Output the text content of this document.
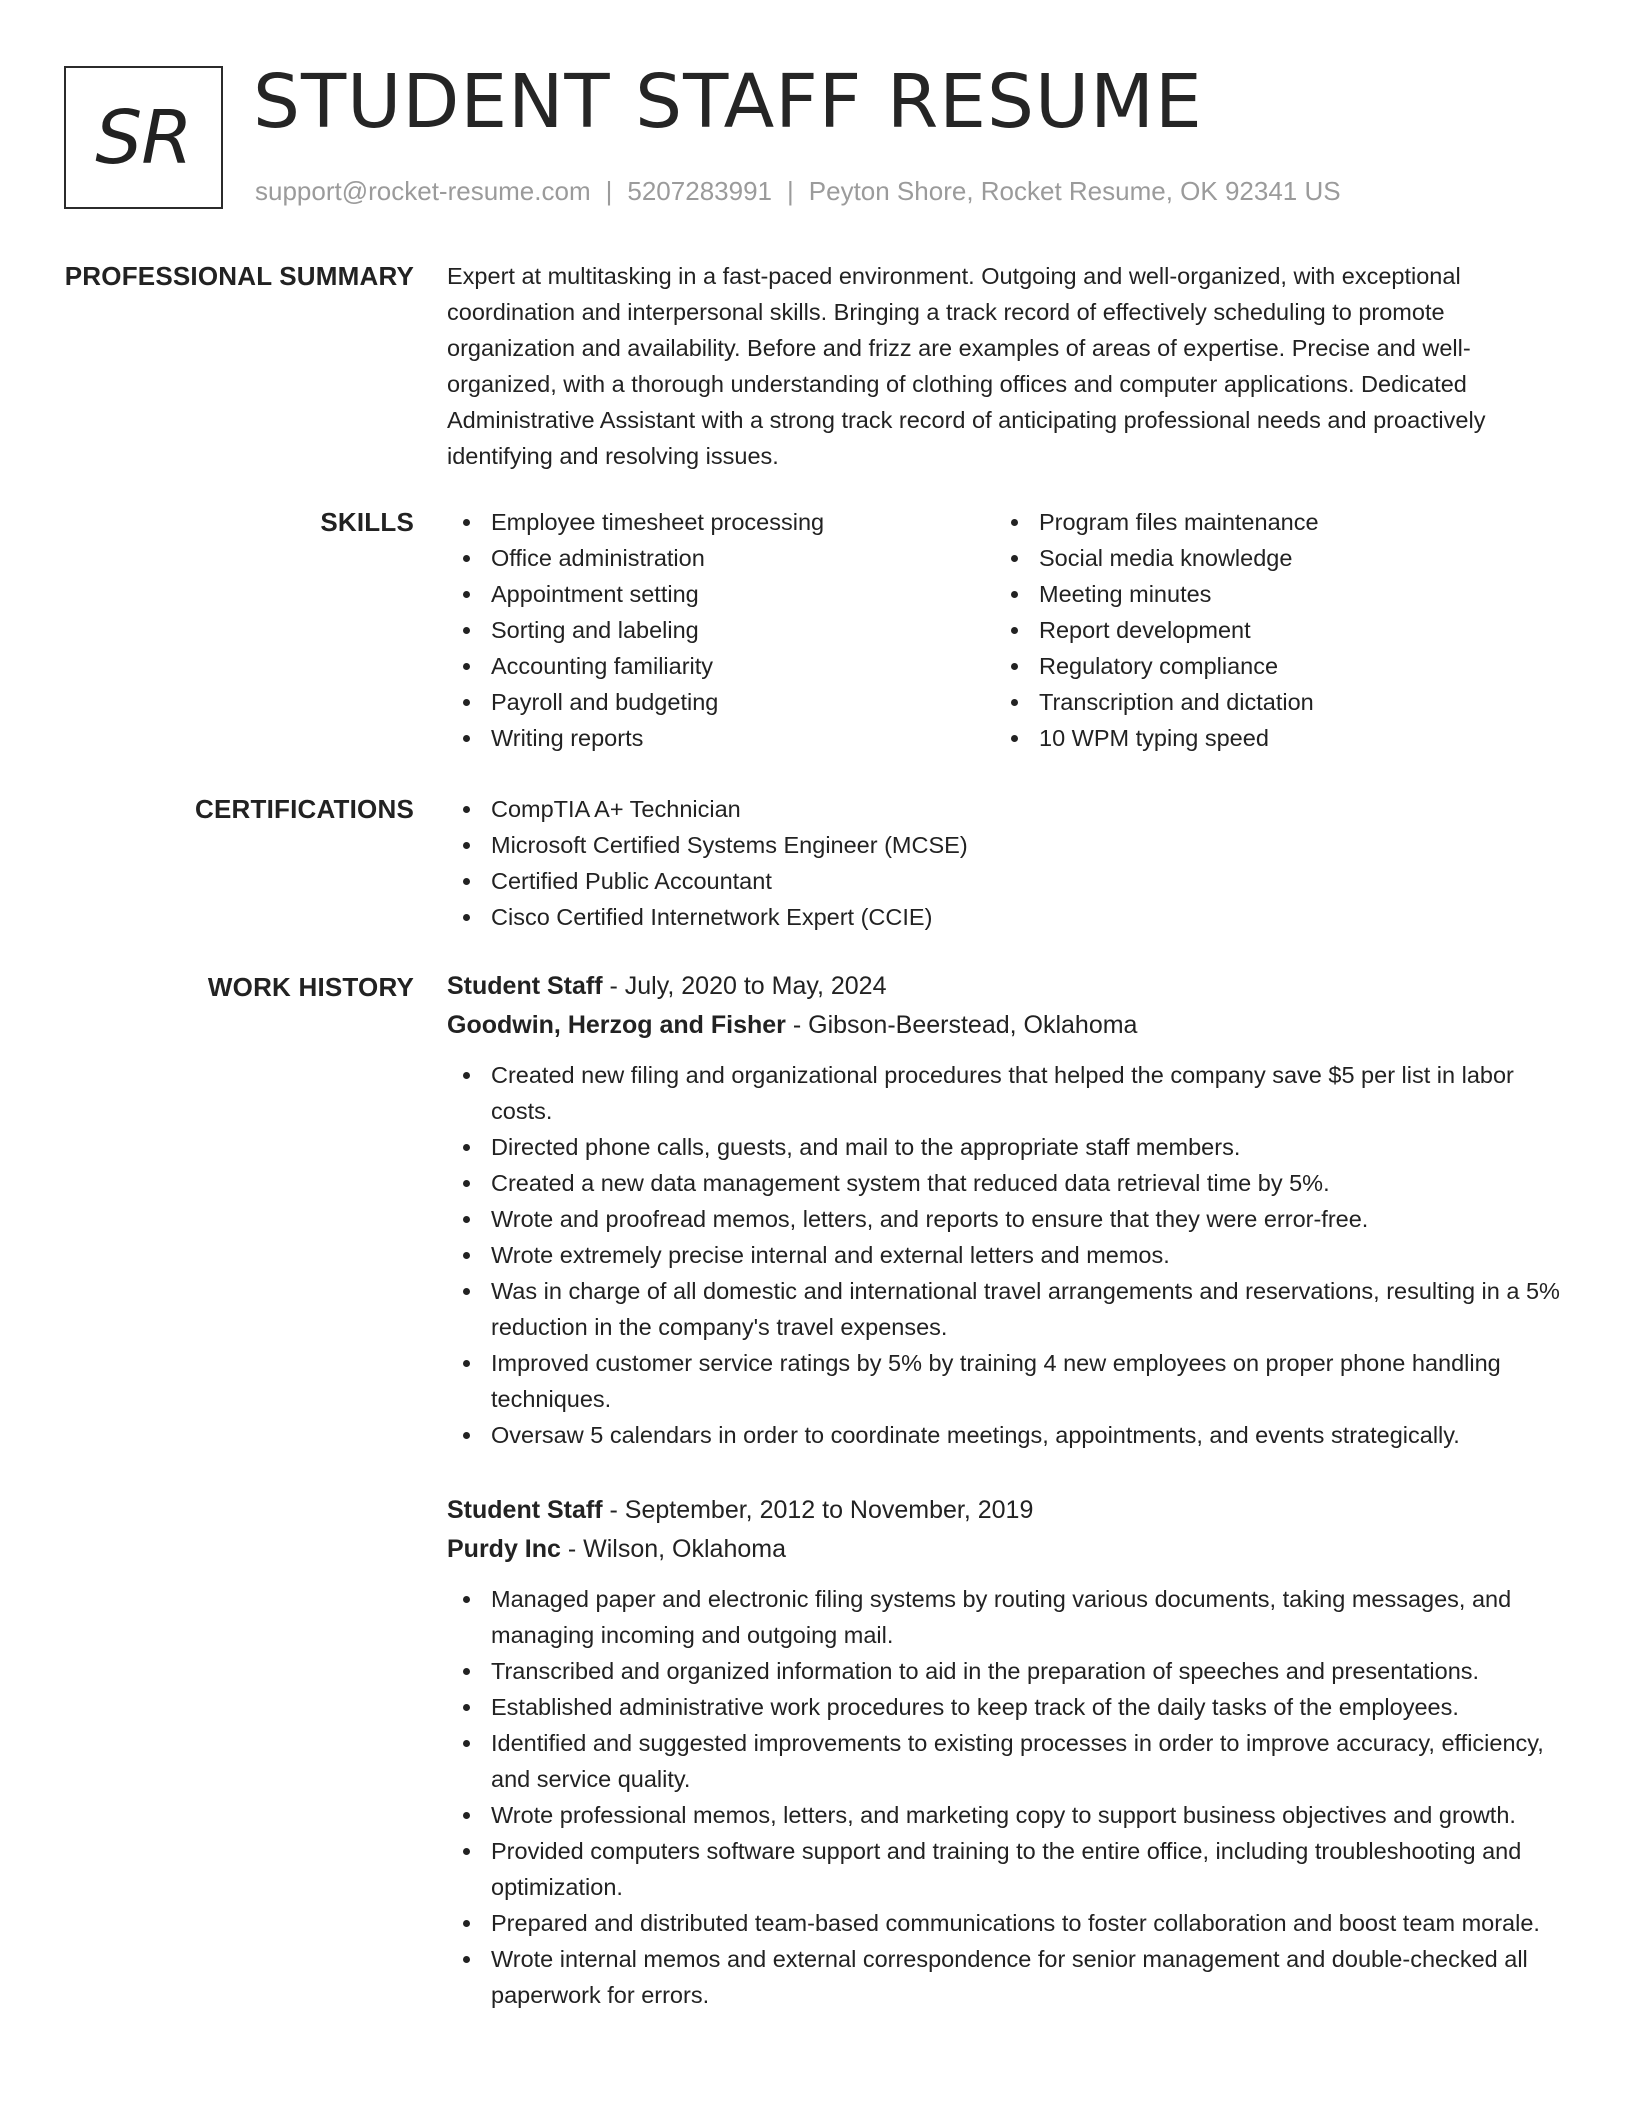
SR STUDENT STAFF RESUME
support@rocket-resume.com | 5207283991 | Peyton Shore, Rocket Resume, OK 92341 US
PROFESSIONAL SUMMARY Expert at multitasking in a fast-paced environment. Outgoing and well-organized, with exceptional coordination and interpersonal skills. Bringing a track record of effectively scheduling to promote organization and availability. Before and frizz are examples of areas of expertise. Precise and well-organized, with a thorough understanding of clothing offices and computer applications. Dedicated Administrative Assistant with a strong track record of anticipating professional needs and proactively identifying and resolving issues.

SKILLS	Employee timesheet processing
Office administration
Appointment setting
Sorting and labeling
Accounting familiarity
Payroll and budgeting
Writing reports
Program files maintenance
Social media knowledge
Meeting minutes
Report development
Regulatory compliance
Transcription and dictation
10 WPM typing speed
CERTIFICATIONS	CompTIA A+ Technician
Microsoft Certified Systems Engineer (MCSE)
Certified Public Accountant
Cisco Certified Internetwork Expert (CCIE)
WORK HISTORY Student Staff - July, 2020 to May, 2024
Goodwin, Herzog and Fisher - Gibson-Beerstead, Oklahoma
Created new filing and organizational procedures that helped the company save $5 per list in labor costs.
Directed phone calls, guests, and mail to the appropriate staff members.
Created a new data management system that reduced data retrieval time by 5%.
Wrote and proofread memos, letters, and reports to ensure that they were error-free.
Wrote extremely precise internal and external letters and memos.
Was in charge of all domestic and international travel arrangements and reservations, resulting in a 5% reduction in the company's travel expenses.
Improved customer service ratings by 5% by training 4 new employees on proper phone handling techniques.
Oversaw 5 calendars in order to coordinate meetings, appointments, and events strategically.
Student Staff - September, 2012 to November, 2019
Purdy Inc - Wilson, Oklahoma
Managed paper and electronic filing systems by routing various documents, taking messages, and managing incoming and outgoing mail.
Transcribed and organized information to aid in the preparation of speeches and presentations.
Established administrative work procedures to keep track of the daily tasks of the employees.
Identified and suggested improvements to existing processes in order to improve accuracy, efficiency, and service quality.
Wrote professional memos, letters, and marketing copy to support business objectives and growth.
Provided computers software support and training to the entire office, including troubleshooting and optimization.
Prepared and distributed team-based communications to foster collaboration and boost team morale.
Wrote internal memos and external correspondence for senior management and double-checked all paperwork for errors.
